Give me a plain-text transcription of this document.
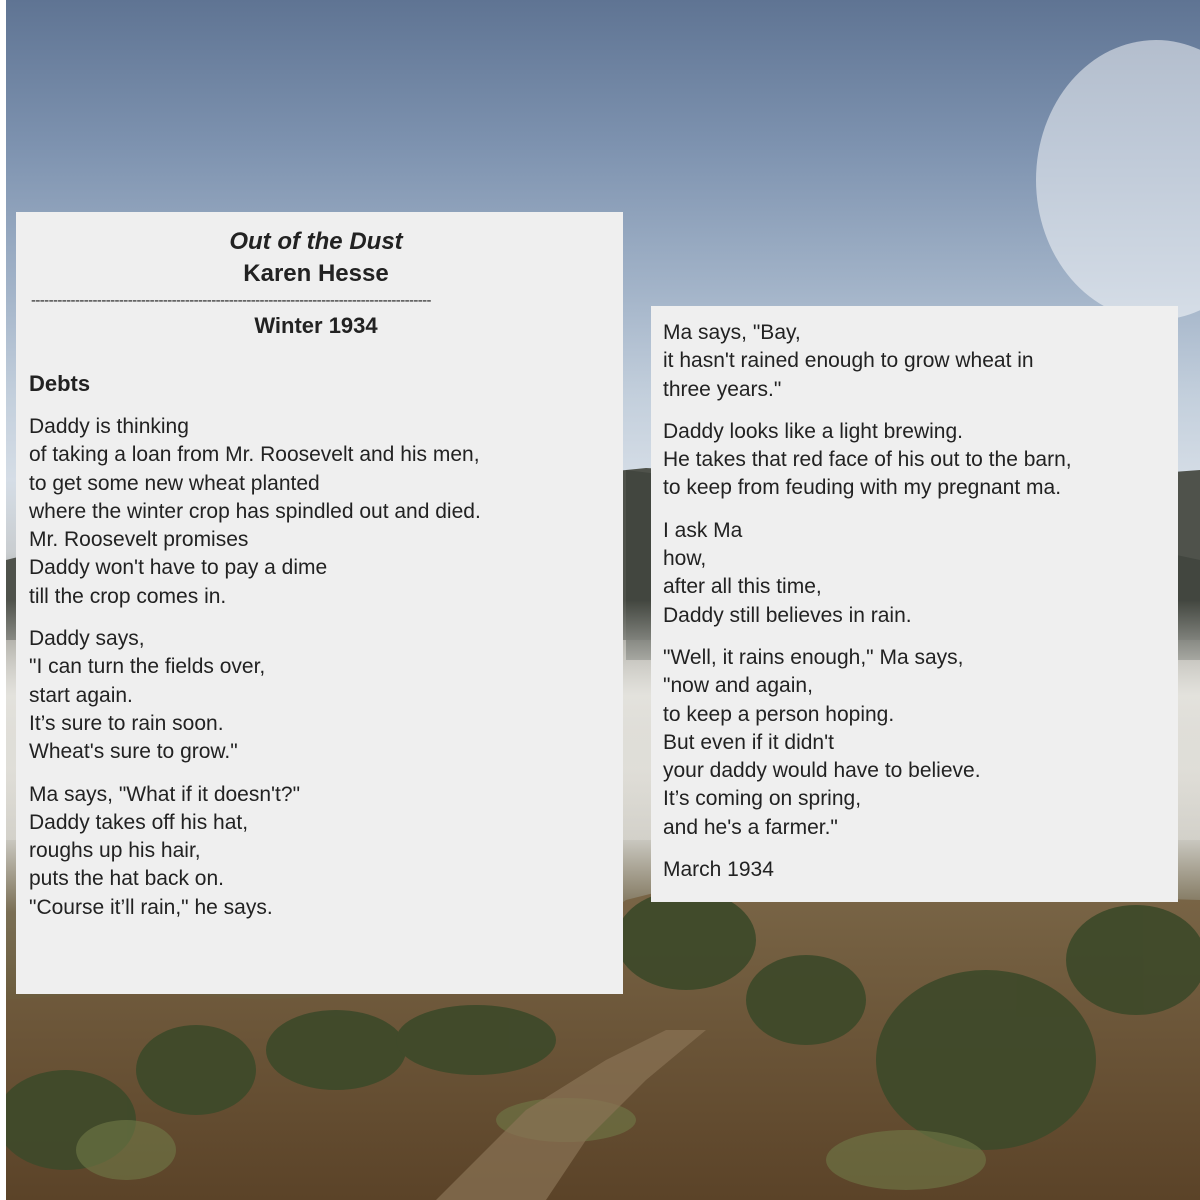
Out of the Dust
Karen Hesse
-------------------------------------------------------------------------------------------
Winter 1934
Debts
Daddy is thinking
of taking a loan from Mr. Roosevelt and his men,
to get some new wheat planted
where the winter crop has spindled out and died.
Mr. Roosevelt promises
Daddy won't have to pay a dime
till the crop comes in.
Daddy says,
"I can turn the fields over,
start again.
It’s sure to rain soon.
Wheat's sure to grow."
Ma says, "What if it doesn't?"
Daddy takes off his hat,
roughs up his hair,
puts the hat back on.
"Course it’ll rain," he says.
Ma says, "Bay,
it hasn't rained enough to grow wheat in
three years."
Daddy looks like a light brewing.
He takes that red face of his out to the barn,
to keep from feuding with my pregnant ma.
I ask Ma
how,
after all this time,
Daddy still believes in rain.
"Well, it rains enough," Ma says,
"now and again,
to keep a person hoping.
But even if it didn't
your daddy would have to believe.
It’s coming on spring,
and he's a farmer."
March 1934
